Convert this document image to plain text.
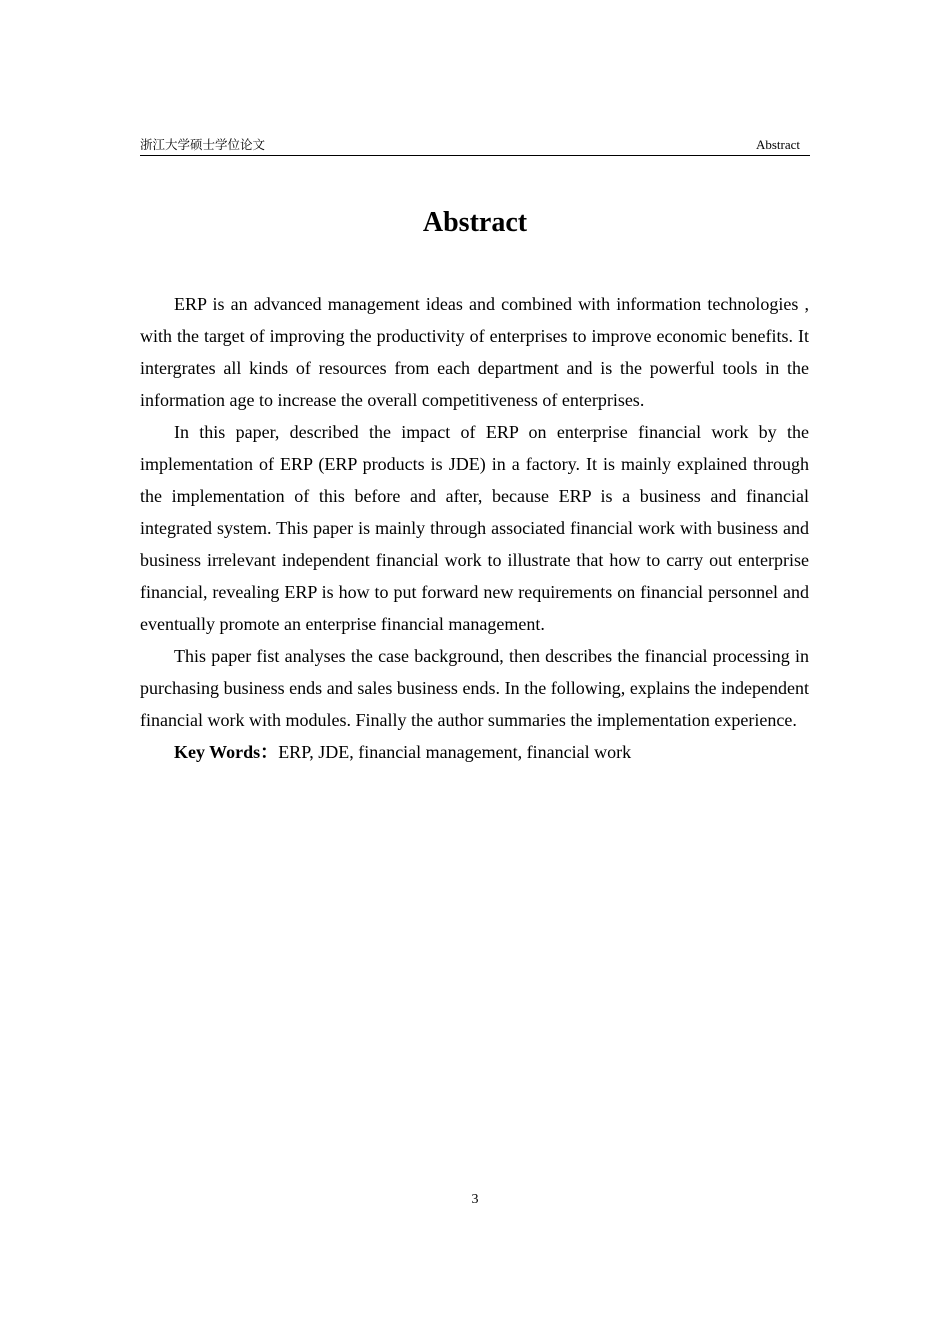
浙江大学硕士学位论文	Abstract
Abstract

ERP is an advanced management ideas and combined with information technologies , with the target of improving the productivity of enterprises to improve economic benefits. It intergrates all kinds of resources from each department and is the powerful tools in the information age to increase the overall competitiveness of enterprises.

In this paper, described the impact of ERP on enterprise financial work by the implementation of ERP (ERP products is JDE) in a factory. It is mainly explained through the implementation of this before and after, because ERP is a business and financial integrated system. This paper is mainly through associated financial work with business and business irrelevant independent financial work to illustrate that how to carry out enterprise financial, revealing ERP is how to put forward new requirements on financial personnel and eventually promote an enterprise financial management.

This paper fist analyses the case background, then describes the financial processing in purchasing business ends and sales business ends. In the following, explains the independent financial work with modules. Finally the author summaries the implementation experience.

Key Words：ERP, JDE, financial management, financial work

3
